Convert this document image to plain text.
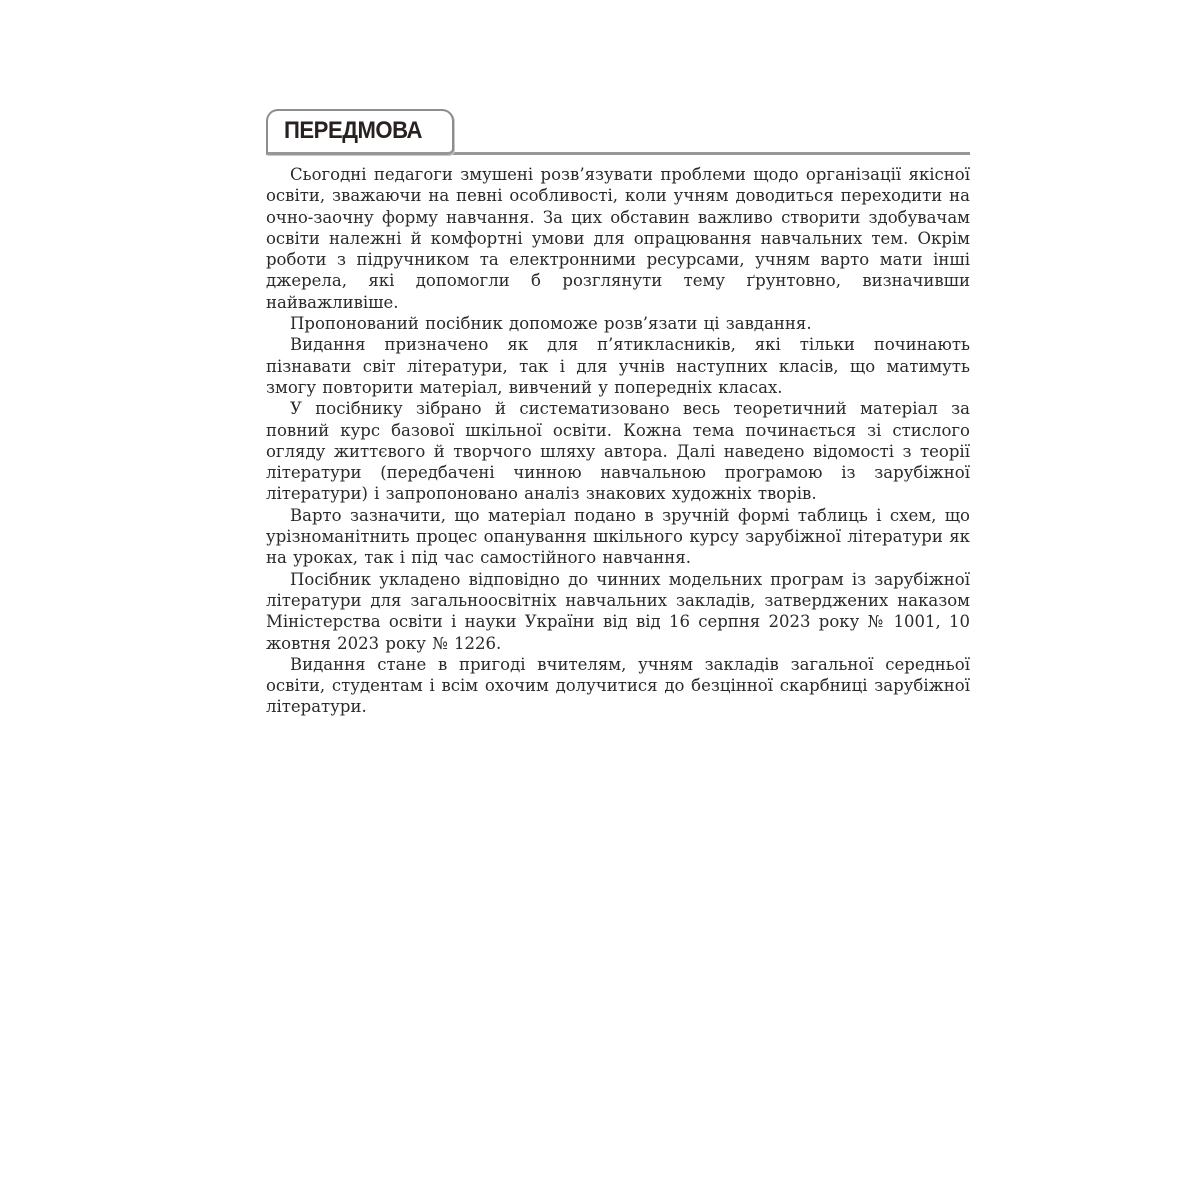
ПЕРЕДМОВА

Сьогодні педагоги змушені розв’язувати проблеми щодо організації якісної освіти, зважаючи на певні особливості, коли учням доводиться переходити на очно-заочну форму навчання. За цих обставин важливо створити здобувачам освіти належні й комфортні умови для опрацювання навчальних тем. Окрім роботи з підручником та електронними ресурсами, учням варто мати інші джерела, які допомогли б розглянути тему ґрунтовно, визначивши найважливіше.

Пропонований посібник допоможе розв’язати ці завдання.

Видання призначено як для п’ятикласників, які тільки починають пізнавати світ літератури, так і для учнів наступних класів, що матимуть змогу повторити матеріал, вивчений у попередніх класах.

У посібнику зібрано й систематизовано весь теоретичний матеріал за повний курс базової шкільної освіти. Кожна тема починається зі стислого огляду життєвого й творчого шляху автора. Далі наведено відомості з теорії літератури (передбачені чинною навчальною програмою із зарубіжної літератури) і запропоновано аналіз знакових художніх творів.

Варто зазначити, що матеріал подано в зручній формі таблиць і схем, що урізноманітнить процес опанування шкільного курсу зарубіжної літератури як на уроках, так і під час самостійного навчання.

Посібник укладено відповідно до чинних модельних програм із зарубіжної літератури для загальноосвітніх навчальних закладів, затверджених наказом Міністерства освіти і науки України від від 16 серпня 2023 року № 1001, 10 жовтня 2023 року № 1226.

Видання стане в пригоді вчителям, учням закладів загальної середньої освіти, студентам і всім охочим долучитися до безцінної скарбниці зарубіжної літератури.
